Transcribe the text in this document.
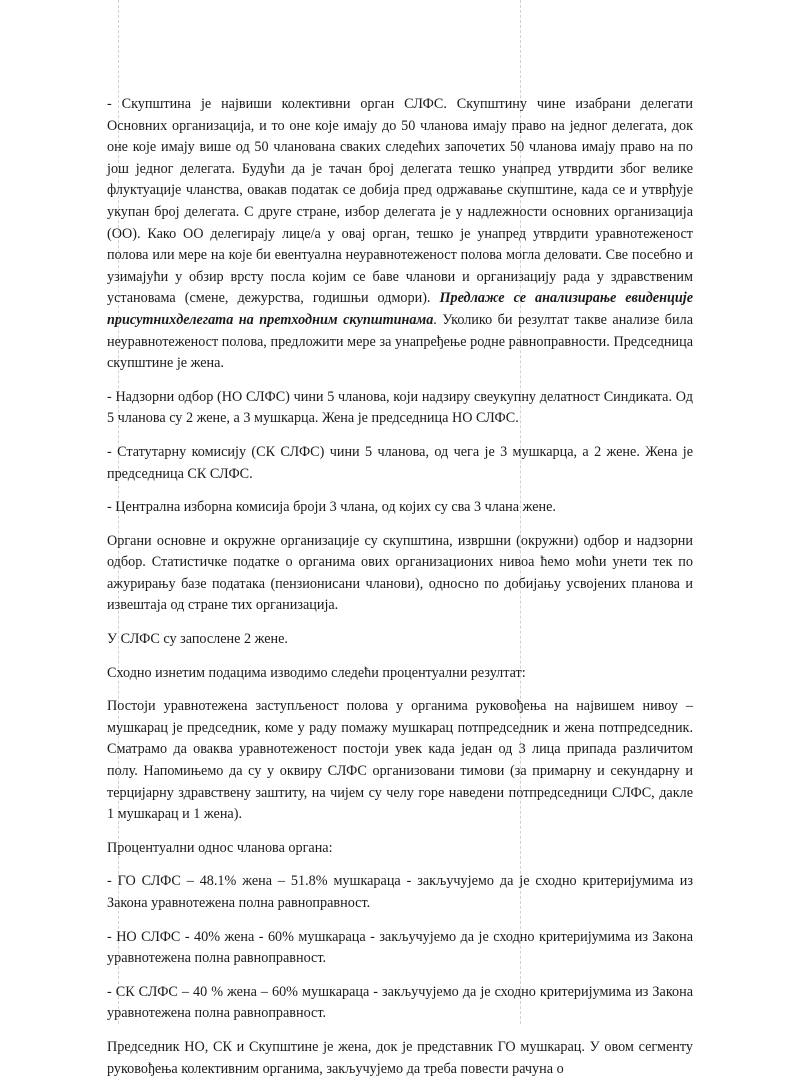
- Скупштина је највиши колективни орган СЛФС. Скупштину чине изабрани делегати Основних организација, и то оне које имају до 50 чланова имају право на једног делегата, док оне које имају више од 50 чланована сваких следећих започетих 50 чланова имају право на по још једног делегата. Будући да је тачан број делегата тешко унапред утврдити због велике флуктуације чланства, овакав податак се добија пред одржавање скупштине, када се и утврђује укупан број делегата. С друге стране, избор делегата је у надлежности основних организација (ОО). Како ОО делегирају лице/а у овај орган, тешко је унапред утврдити уравнотеженост полова или мере на које би евентуална неуравнотеженост полова могла деловати. Све посебно и узимајући у обзир врсту посла којим се баве чланови и организацију рада у здравственим установама (смене, дежурства, годишњи одмори). Предлаже се анализирање евиденције присутнихделегата на претходним скупштинама. Уколико би резултат такве анализе била неуравнотеженост полова, предложити мере за унапређење родне равноправности. Председница скупштине је жена.

- Надзорни одбор (НО СЛФС) чини 5 чланова, који надзиру свеукупну делатност Синдиката. Од 5 чланова су 2 жене, а 3 мушкарца. Жена је председница НО СЛФС.

- Статутарну комисију (СК СЛФС) чини 5 чланова, од чега је 3 мушкарца, а 2 жене. Жена је председница СК СЛФС.

- Централна изборна комисија броји 3 члана, од којих су сва 3 члана жене.

Органи основне и окружне организације су скупштина, извршни (окружни) одбор и надзорни одбор. Статистичке податке о органима ових организационих нивоа ћемо моћи унети тек по ажурирању базе података (пензионисани чланови), односно по добијању усвојених планова и извештаја од стране тих организација.

У СЛФС су запослене 2 жене.

Сходно изнетим подацима изводимо следећи процентуални резултат:

Постоји уравнотежена заступљеност полова у органима руковођења на највишем нивоу – мушкарац је председник, коме у раду помажу мушкарац потпредседник и жена потпредседник. Сматрамо да оваква уравнотеженост постоји увек када један од 3 лица припада различитом полу. Напомињемо да су у оквиру СЛФС организовани тимови (за примарну и секундарну и терцијарну здравствену заштиту, на чијем су челу горе наведени потпредседници СЛФС, дакле 1 мушкарац и 1 жена).

Процентуални однос чланова органа:

- ГО СЛФС – 48.1% жена – 51.8% мушкараца - закључујемо да је сходно критеријумима из Закона уравнотежена полна равноправност.

- НО СЛФС - 40% жена - 60% мушкараца - закључујемо да је сходно критеријумима из Закона уравнотежена полна равноправност.

- СК СЛФС – 40 % жена – 60% мушкараца - закључујемо да је сходно критеријумима из Закона уравнотежена полна равноправност.

Председник НО, СК и Скупштине је жена, док је представник ГО мушкарац. У овом сегменту руковођења колективним органима, закључујемо да треба повести рачуна о
